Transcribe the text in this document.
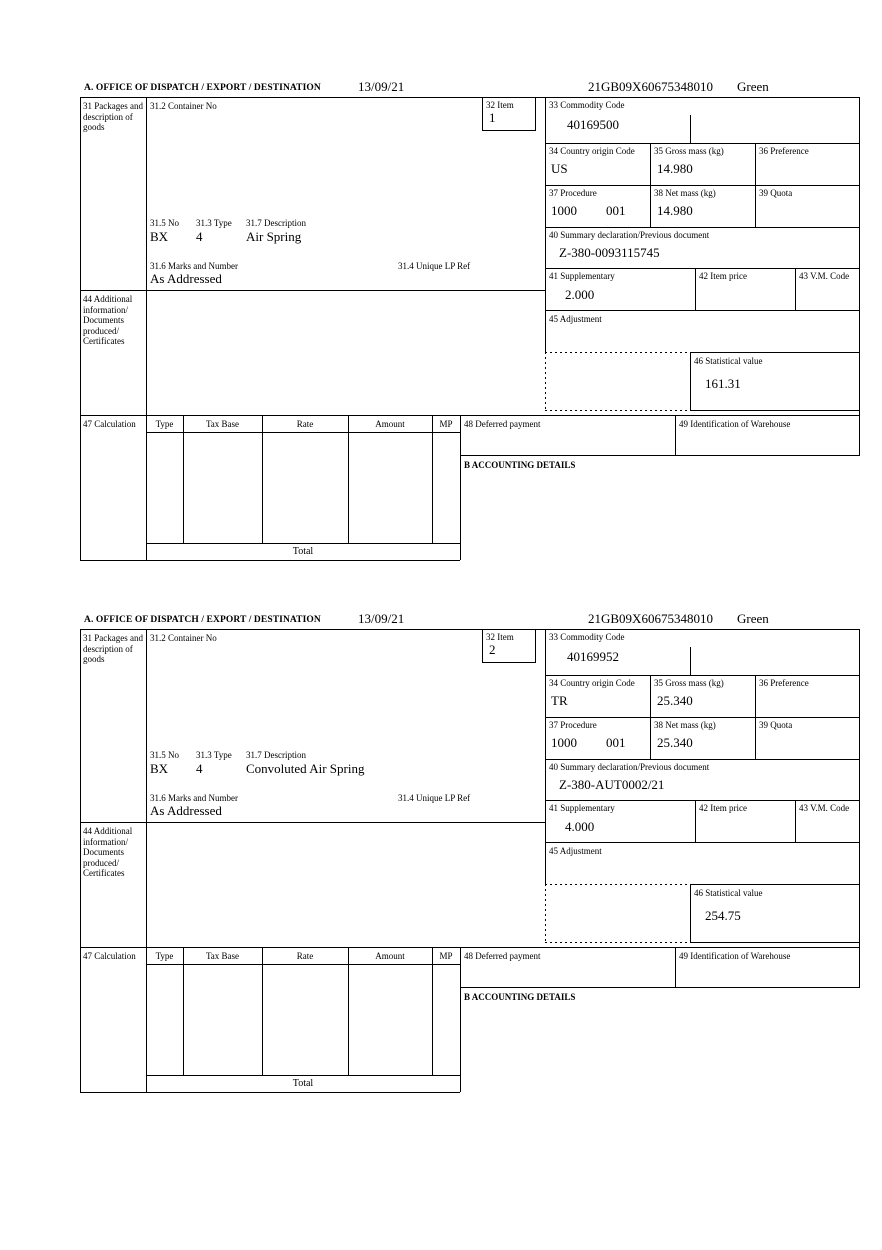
A. OFFICE OF DISPATCH / EXPORT / DESTINATION	13/09/21	21GB09X60675348010 Green
31 Packages and description of goods
31.2 Container No	32 Item
1
33 Commodity Code
40169500
34 Country origin Code
US
35 Gross mass (kg)
14.980
36 Preference
37 Procedure
1000 001
38 Net mass (kg)
14.980
39 Quota
40 Summary declaration/Previous document
Z-380-0093115745
31.5 No 31.3 Type 31.7 Description
BX 4	Air Spring
31.6 Marks and Number	31.4 Unique LP Ref
As Addressed	41 Supplementary
2.000
42 Item price	43 V.M. Code
44 Additional information/ Documents produced/ Certificates
45 Adjustment
46 Statistical value
161.31
47 Calculation	Type	Tax Base	Rate	Amount	MP	48 Deferred payment	49 Identification of Warehouse
B ACCOUNTING DETAILS
Total
A. OFFICE OF DISPATCH / EXPORT / DESTINATION	13/09/21	21GB09X60675348010 Green
31 Packages and description of goods
31.2 Container No	32 Item
2
33 Commodity Code
40169952
34 Country origin Code
TR
35 Gross mass (kg)
25.340
36 Preference
37 Procedure
1000 001
38 Net mass (kg)
25.340
39 Quota
40 Summary declaration/Previous document
Z-380-AUT0002/21
31.5 No 31.3 Type 31.7 Description
BX 4	Convoluted Air Spring
31.6 Marks and Number	31.4 Unique LP Ref
As Addressed	41 Supplementary
4.000
42 Item price	43 V.M. Code
44 Additional information/ Documents produced/ Certificates
45 Adjustment
46 Statistical value
254.75
47 Calculation	Type	Tax Base	Rate	Amount	MP	48 Deferred payment	49 Identification of Warehouse
B ACCOUNTING DETAILS
Total
